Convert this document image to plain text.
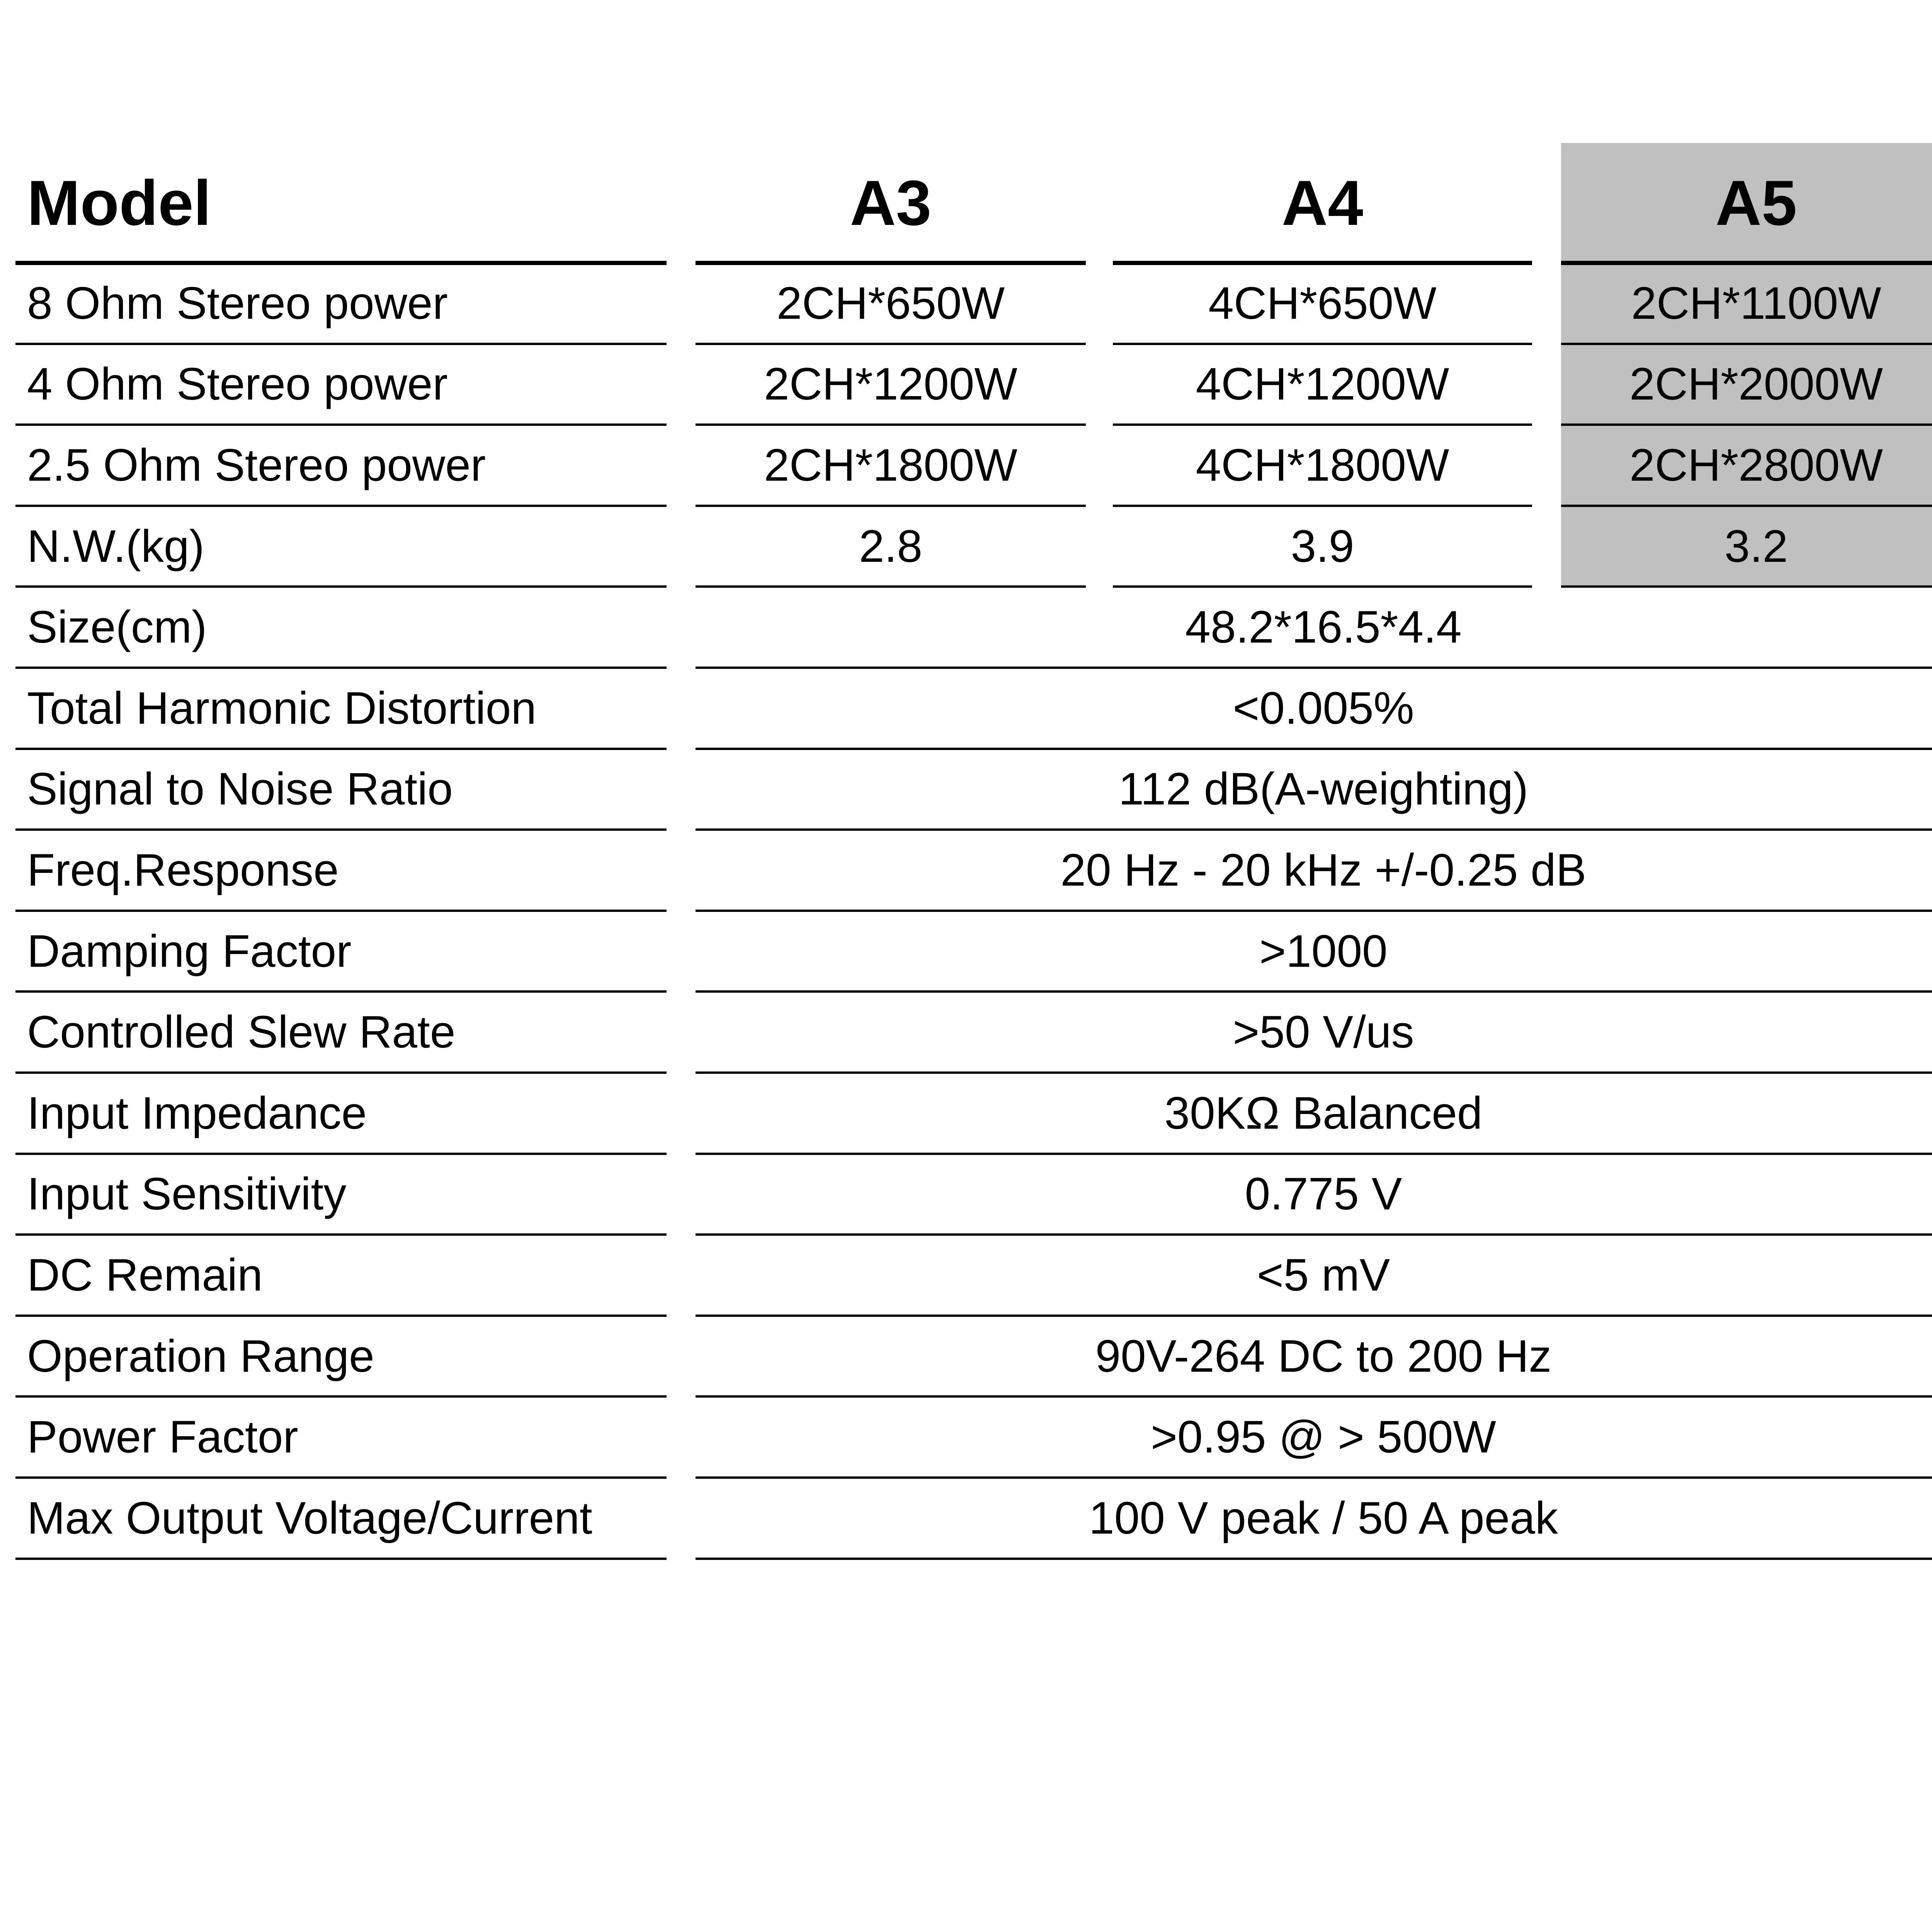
Model	A3	A4	A5
8 Ohm Stereo power	2CH*650W	4CH*650W	2CH*1100W
4 Ohm Stereo power	2CH*1200W	4CH*1200W	2CH*2000W
2.5 Ohm Stereo power	2CH*1800W	4CH*1800W	2CH*2800W
N.W.(kg)	2.8	3.9	3.2
Size(cm)	48.2*16.5*4.4
Total Harmonic Distortion	<0.005%
Signal to Noise Ratio	112 dB(A-weighting)
Freq.Response	20 Hz - 20 kHz +/-0.25 dB
Damping Factor	>1000
Controlled Slew Rate	>50 V/us
Input Impedance	30KΩ Balanced
Input Sensitivity	0.775 V
DC Remain	<5 mV
Operation Range	90V-264 DC to 200 Hz
Power Factor	>0.95 @ > 500W
Max Output Voltage/Current	100 V peak / 50 A peak
